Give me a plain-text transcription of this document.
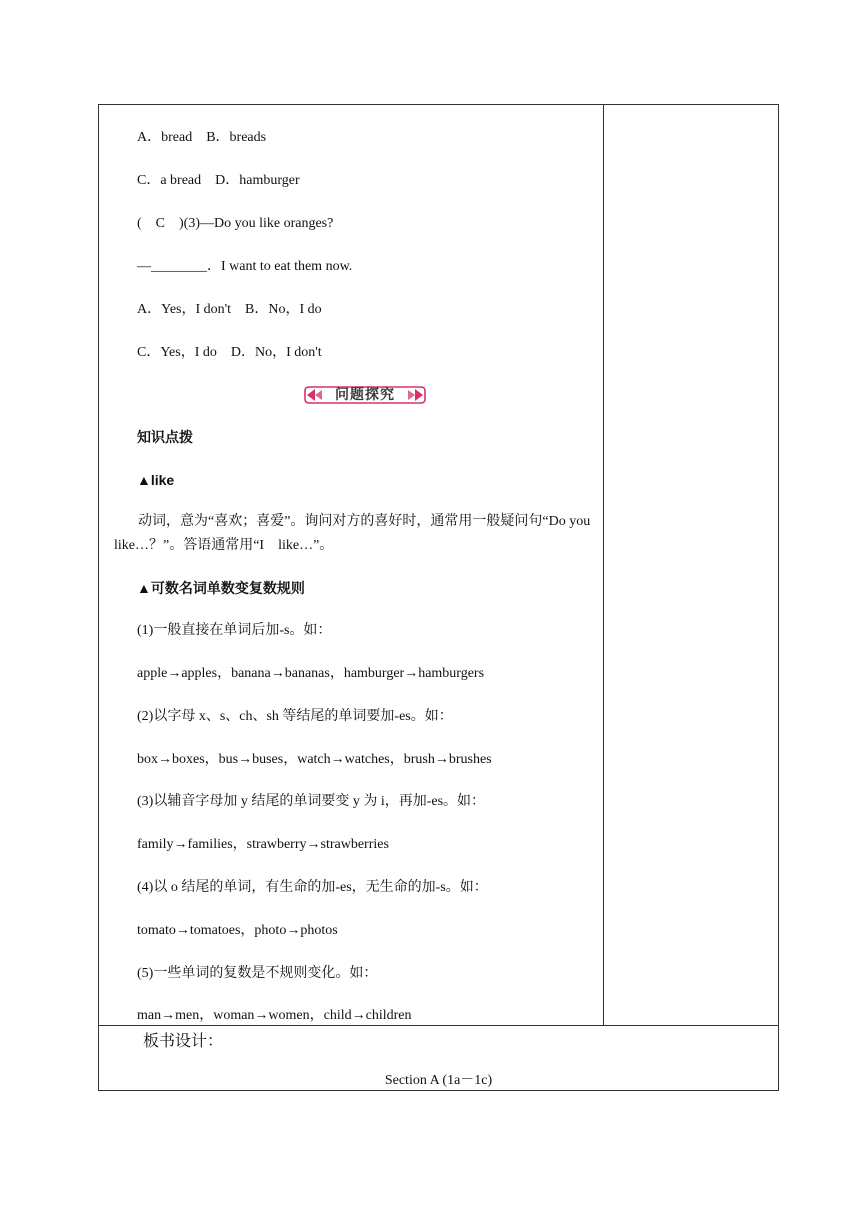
A．bread　B．breads
C．a bread　D．hamburger
(　C　)(3)—Do you like oranges?
—________．I want to eat them now.
A．Yes，I don't　B．No，I do
C．Yes，I do　D．No，I don't
问题探究
知识点拨
▲like
动词，意为“喜欢；喜爱”。询问对方的喜好时，通常用一般疑问句“Do you like…？”。答语通常用“I　like…”。
▲可数名词单数变复数规则
(1)一般直接在单词后加-s。如：
apple→apples，banana→bananas，hamburger→hamburgers
(2)以字母 x、s、ch、sh 等结尾的单词要加-es。如：
box→boxes，bus→buses，watch→watches，brush→brushes
(3)以辅音字母加 y 结尾的单词要变 y 为 i，再加-es。如：
family→families，strawberry→strawberries
(4)以 o 结尾的单词，有生命的加-es，无生命的加-s。如：
tomato→tomatoes，photo→photos
(5)一些单词的复数是不规则变化。如：
man→men，woman→women，child→children
板书设计：
Section A (1a－1c)
